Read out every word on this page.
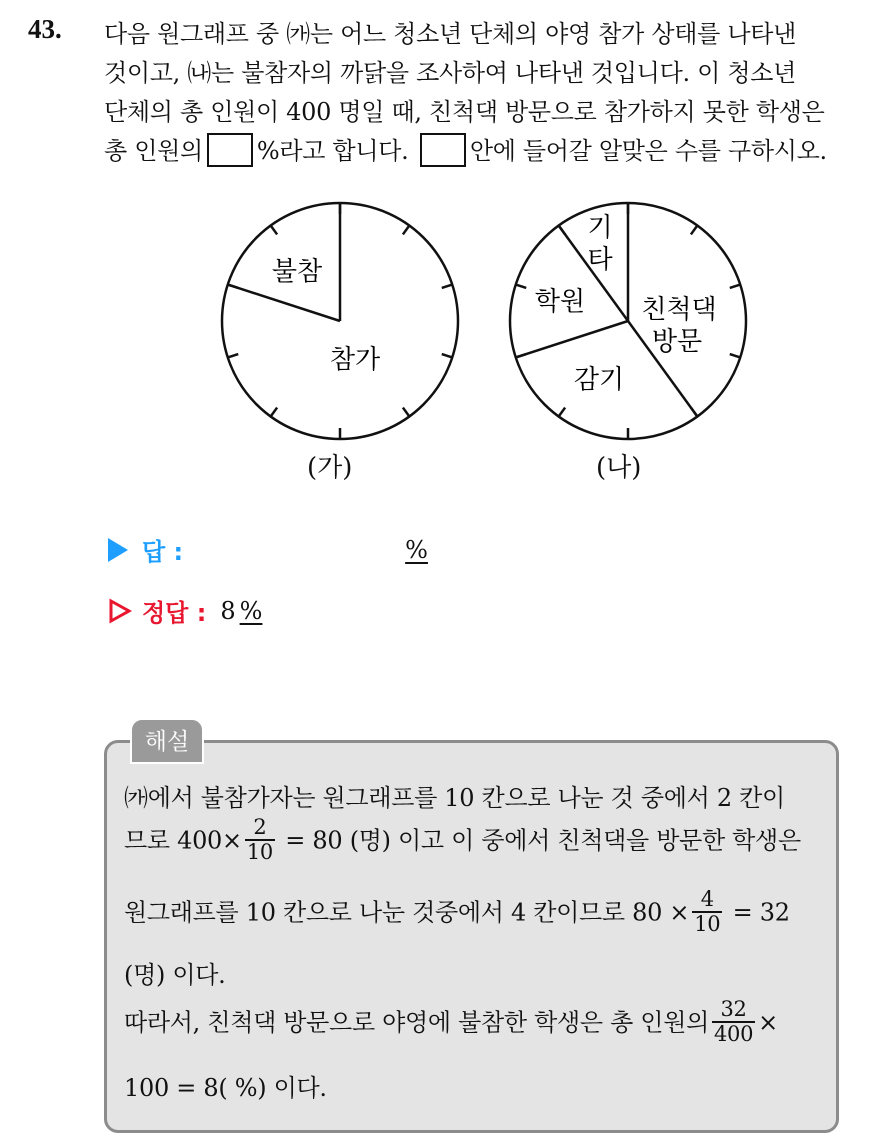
43. 다음 원그래프 중 ㈎는 어느 청소년 단체의 야영 참가 상태를 나타낸
것이고, ㈏는 불참자의 까닭을 조사하여 나타낸 것입니다. 이 청소년
단체의 총 인원이 400 명일 때, 친척댁 방문으로 참가하지 못한 학생은
총 인원의 %라고 합니다.	안에 들어갈 알맞은 수를 구하시오.
불참
참가
(가)
기
타
학원 친척댁
방문
감기
(나)
답 :	%
정답 : 8 %
해설
㈎에서 불참가자는 원그래프를 10 칸으로 나눈 것 중에서 2 칸이
므로 $400\times \frac{2}{10} = 80$ (명) 이고 이 중에서 친척댁을 방문한 학생은
원그래프를 10 칸으로 나눈 것중에서 4 칸이므로 $80 \times \frac{4}{10} = 32$
(명) 이다.
따라서, 친척댁 방문으로 야영에 불참한 학생은 총 인원의 $\frac{32}{400}$ ×
100 = 8( %) 이다.
